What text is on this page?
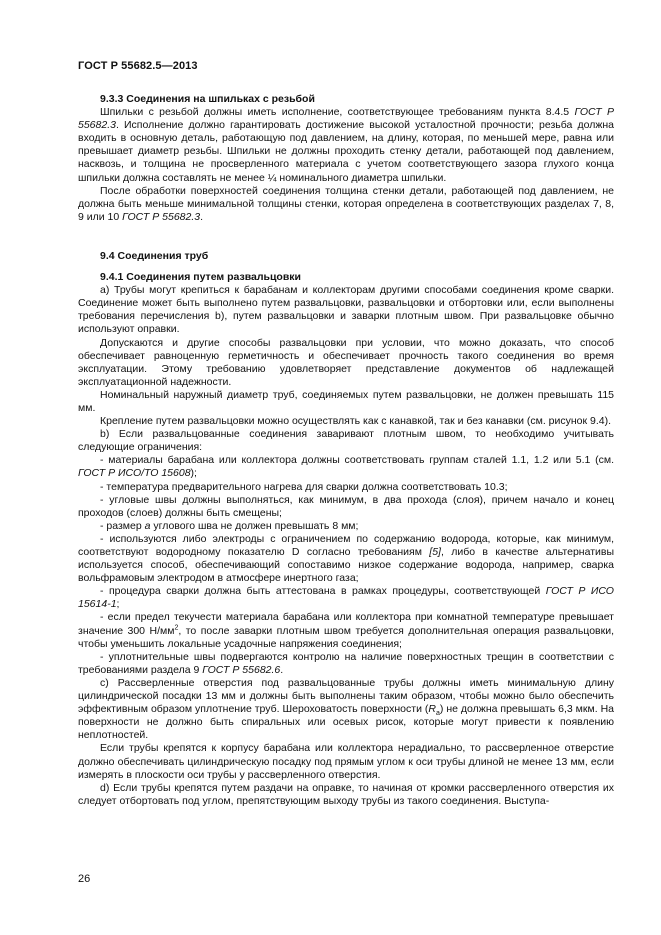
ГОСТ Р 55682.5—2013
9.3.3 Соединения на шпильках с резьбой

Шпильки с резьбой должны иметь исполнение, соответствующее требованиям пункта 8.4.5 ГОСТ Р 55682.3. Исполнение должно гарантировать достижение высокой усталостной прочности; резьба должна входить в основную деталь, работающую под давлением, на длину, которая, по меньшей мере, равна или превышает диаметр резьбы. Шпильки не должны проходить стенку детали, работающей под давлением, насквозь, и толщина не просверленного материала с учетом соответствующего зазора глухого конца шпильки должна составлять не менее ¼ номинального диаметра шпильки.

После обработки поверхностей соединения толщина стенки детали, работающей под давлением, не должна быть меньше минимальной толщины стенки, которая определена в соответствующих разделах 7, 8, 9 или 10 ГОСТ Р 55682.3.

9.4 Соединения труб
9.4.1 Соединения путем развальцовки

а) Трубы могут крепиться к барабанам и коллекторам другими способами соединения кроме сварки. Соединение может быть выполнено путем развальцовки, развальцовки и отбортовки или, если выполнены требования перечисления b), путем развальцовки и заварки плотным швом. При развальцовке обычно используют оправки.

Допускаются и другие способы развальцовки при условии, что можно доказать, что способ обеспечивает равноценную герметичность и обеспечивает прочность такого соединения во время эксплуатации. Этому требованию удовлетворяет представление документов об надлежащей эксплуатационной надежности.

Номинальный наружный диаметр труб, соединяемых путем развальцовки, не должен превышать 115 мм.

Крепление путем развальцовки можно осуществлять как с канавкой, так и без канавки (см. рисунок 9.4).

b) Если развальцованные соединения заваривают плотным швом, то необходимо учитывать следующие ограничения:

- материалы барабана или коллектора должны соответствовать группам сталей 1.1, 1.2 или 5.1 (см. ГОСТ Р ИСО/ТО 15608);

- температура предварительного нагрева для сварки должна соответствовать 10.3;

- угловые швы должны выполняться, как минимум, в два прохода (слоя), причем начало и конец проходов (слоев) должны быть смещены;

- размер а углового шва не должен превышать 8 мм;

- используются либо электроды с ограничением по содержанию водорода, которые, как минимум, соответствуют водородному показателю D согласно требованиям [5], либо в качестве альтернативы используется способ, обеспечивающий сопоставимо низкое содержание водорода, например, сварка вольфрамовым электродом в атмосфере инертного газа;

- процедура сварки должна быть аттестована в рамках процедуры, соответствующей ГОСТ Р ИСО 15614-1;

- если предел текучести материала барабана или коллектора при комнатной температуре превышает значение 300 $Н/мм^2$, то после заварки плотным швом требуется дополнительная операция развальцовки, чтобы уменьшить локальные усадочные напряжения соединения;

- уплотнительные швы подвергаются контролю на наличие поверхностных трещин в соответствии с требованиями раздела 9 ГОСТ Р 55682.6.

с) Рассверленные отверстия под развальцованные трубы должны иметь минимальную длину цилиндрической посадки 13 мм и должны быть выполнены таким образом, чтобы можно было обеспечить эффективным образом уплотнение труб. Шероховатость поверхности $(R_a)$ не должна превышать 6,3 мкм. На поверхности не должно быть спиральных или осевых рисок, которые могут привести к появлению неплотностей.

Если трубы крепятся к корпусу барабана или коллектора нерадиально, то рассверленное отверстие должно обеспечивать цилиндрическую посадку под прямым углом к оси трубы длиной не менее 13 мм, если измерять в плоскости оси трубы у рассверленного отверстия.

d) Если трубы крепятся путем раздачи на оправке, то начиная от кромки рассверленного отверстия их следует отбортовать под углом, препятствующим выходу трубы из такого соединения. Выступа-

26
